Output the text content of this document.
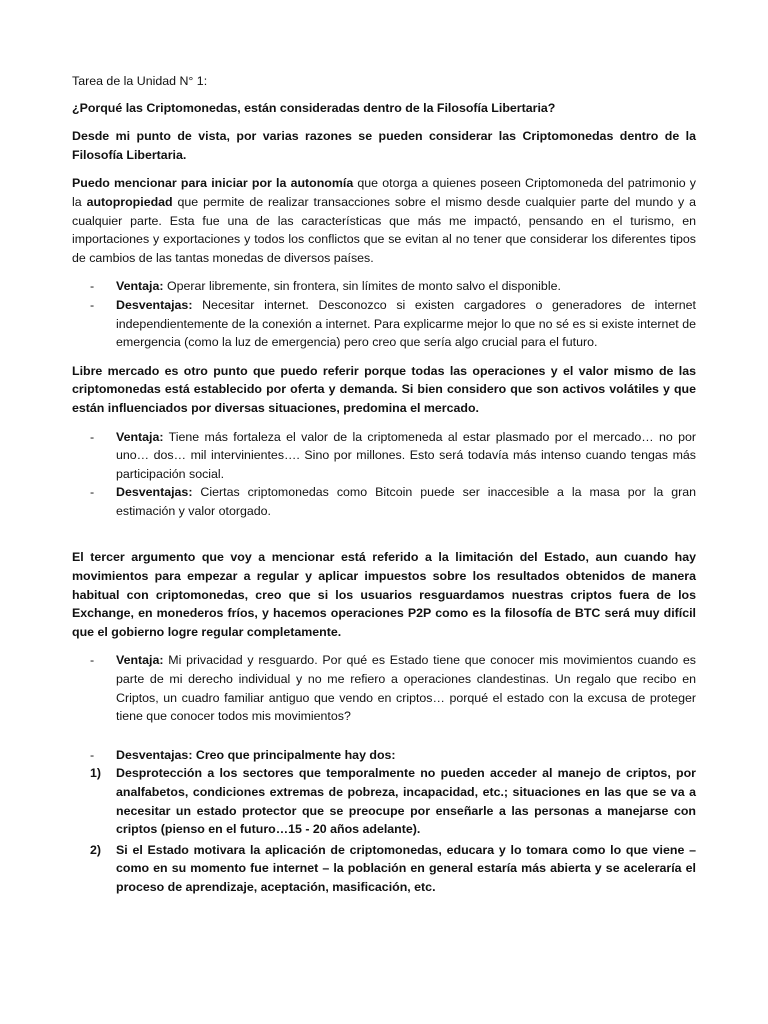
Tarea de la Unidad N° 1:

¿Porqué las Criptomonedas, están consideradas dentro de la Filosofía Libertaria?

Desde mi punto de vista, por varias razones se pueden considerar las Criptomonedas dentro de la Filosofía Libertaria.

Puedo mencionar para iniciar por la autonomía que otorga a quienes poseen Criptomoneda del patrimonio y la autopropiedad que permite de realizar transacciones sobre el mismo desde cualquier parte del mundo y a cualquier parte. Esta fue una de las características que más me impactó, pensando en el turismo, en importaciones y exportaciones y todos los conflictos que se evitan al no tener que considerar los diferentes tipos de cambios de las tantas monedas de diversos países.

- Ventaja: Operar libremente, sin frontera, sin límites de monto salvo el disponible.
- Desventajas: Necesitar internet. Desconozco si existen cargadores o generadores de internet independientemente de la conexión a internet. Para explicarme mejor lo que no sé es si existe internet de emergencia (como la luz de emergencia) pero creo que sería algo crucial para el futuro.

Libre mercado es otro punto que puedo referir porque todas las operaciones y el valor mismo de las criptomonedas está establecido por oferta y demanda. Si bien considero que son activos volátiles y que están influenciados por diversas situaciones, predomina el mercado.

- Ventaja: Tiene más fortaleza el valor de la criptomeneda al estar plasmado por el mercado… no por uno… dos… mil intervinientes…. Sino por millones. Esto será todavía más intenso cuando tengas más participación social.
- Desventajas: Ciertas criptomonedas como Bitcoin puede ser inaccesible a la masa por la gran estimación y valor otorgado.

El tercer argumento que voy a mencionar está referido a la limitación del Estado, aun cuando hay movimientos para empezar a regular y aplicar impuestos sobre los resultados obtenidos de manera habitual con criptomonedas, creo que si los usuarios resguardamos nuestras criptos fuera de los Exchange, en monederos fríos, y hacemos operaciones P2P como es la filosofía de BTC será muy difícil que el gobierno logre regular completamente.

- Ventaja: Mi privacidad y resguardo. Por qué es Estado tiene que conocer mis movimientos cuando es parte de mi derecho individual y no me refiero a operaciones clandestinas. Un regalo que recibo en Criptos, un cuadro familiar antiguo que vendo en criptos… porqué el estado con la excusa de proteger tiene que conocer todos mis movimientos?
- Desventajas: Creo que principalmente hay dos:
1) Desprotección a los sectores que temporalmente no pueden acceder al manejo de criptos, por analfabetos, condiciones extremas de pobreza, incapacidad, etc.; situaciones en las que se va a necesitar un estado protector que se preocupe por enseñarle a las personas a manejarse con criptos (pienso en el futuro…15 - 20 años adelante).
2) Si el Estado motivara la aplicación de criptomonedas, educara y lo tomara como lo que viene – como en su momento fue internet – la población en general estaría más abierta y se aceleraría el proceso de aprendizaje, aceptación, masificación, etc.
